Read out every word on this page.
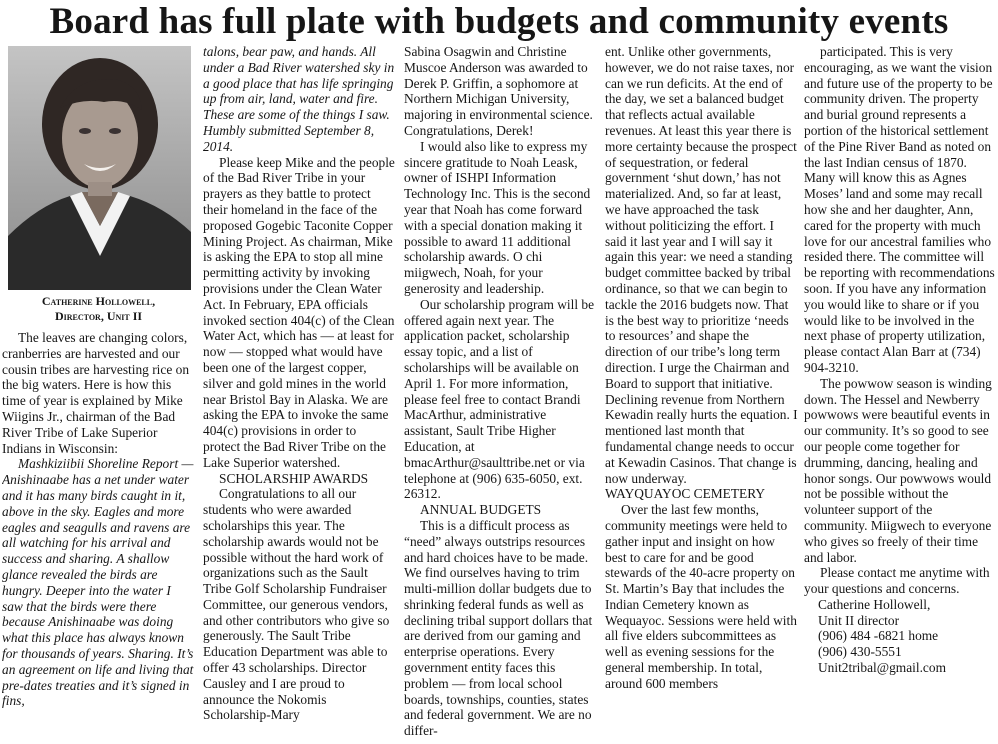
Board has full plate with budgets and community events
Catherine Hollowell,
Director, Unit II

The leaves are changing colors, cranberries are harvested and our cousin tribes are harvesting rice on the big waters. Here is how this time of year is explained by Mike Wiigins Jr., chairman of the Bad River Tribe of Lake Superior Indians in Wisconsin:

Mashkiziibii Shoreline Report — Anishinaabe has a net under water and it has many birds caught in it, above in the sky. Eagles and more eagles and seagulls and ravens are all watching for his arrival and success and sharing. A shallow glance revealed the birds are hungry. Deeper into the water I saw that the birds were there because Anishinaabe was doing what this place has always known for thousands of years. Sharing. It’s an agreement on life and living that pre-dates treaties and it’s signed in fins,

talons, bear paw, and hands. All under a Bad River watershed sky in a good place that has life springing up from air, land, water and fire. These are some of the things I saw. Humbly submitted September 8, 2014.

Please keep Mike and the people of the Bad River Tribe in your prayers as they battle to protect their homeland in the face of the proposed Gogebic Taconite Copper Mining Project. As chairman, Mike is asking the EPA to stop all mine permitting activity by invoking provisions under the Clean Water Act. In February, EPA officials invoked section 404(c) of the Clean Water Act, which has — at least for now — stopped what would have been one of the largest copper, silver and gold mines in the world near Bristol Bay in Alaska. We are asking the EPA to invoke the same 404(c) provisions in order to protect the Bad River Tribe on the Lake Superior watershed.

SCHOLARSHIP AWARDS

Congratulations to all our students who were awarded scholarships this year. The scholarship awards would not be possible without the hard work of organizations such as the Sault Tribe Golf Scholarship Fundraiser Committee, our generous vendors, and other contributors who give so generously. The Sault Tribe Education Department was able to offer 43 scholarships. Director Causley and I are proud to announce the Nokomis Scholarship-Mary

Sabina Osagwin and Christine Muscoe Anderson was awarded to Derek P. Griffin, a sophomore at Northern Michigan University, majoring in environmental science. Congratulations, Derek!

I would also like to express my sincere gratitude to Noah Leask, owner of ISHPI Information Technology Inc. This is the second year that Noah has come forward with a special donation making it possible to award 11 additional scholarship awards. O chi miigwech, Noah, for your generosity and leadership.

Our scholarship program will be offered again next year. The application packet, scholarship essay topic, and a list of scholarships will be available on April 1. For more information, please feel free to contact Brandi MacArthur, administrative assistant, Sault Tribe Higher Education, at bmacArthur@saulttribe.net or via telephone at (906) 635-6050, ext. 26312.

ANNUAL BUDGETS

This is a difficult process as “need” always outstrips resources and hard choices have to be made. We find ourselves having to trim multi-million dollar budgets due to shrinking federal funds as well as declining tribal support dollars that are derived from our gaming and enterprise operations. Every government entity faces this problem — from local school boards, townships, counties, states and federal government. We are no differ-

ent. Unlike other governments, however, we do not raise taxes, nor can we run deficits. At the end of the day, we set a balanced budget that reflects actual available revenues. At least this year there is more certainty because the prospect of sequestration, or federal government ‘shut down,’ has not materialized. And, so far at least, we have approached the task without politicizing the effort. I said it last year and I will say it again this year: we need a standing budget committee backed by tribal ordinance, so that we can begin to tackle the 2016 budgets now. That is the best way to prioritize ‘needs to resources’ and shape the direction of our tribe’s long term direction. I urge the Chairman and Board to support that initiative. Declining revenue from Northern Kewadin really hurts the equation. I mentioned last month that fundamental change needs to occur at Kewadin Casinos. That change is now underway.

WAYQUAYOC CEMETERY

Over the last few months, community meetings were held to gather input and insight on how best to care for and be good stewards of the 40-acre property on St. Martin’s Bay that includes the Indian Cemetery known as Wequayoc. Sessions were held with all five elders subcommittees as well as evening sessions for the general membership. In total, around 600 members

participated. This is very encouraging, as we want the vision and future use of the property to be community driven. The property and burial ground represents a portion of the historical settlement of the Pine River Band as noted on the last Indian census of 1870. Many will know this as Agnes Moses’ land and some may recall how she and her daughter, Ann, cared for the property with much love for our ancestral families who resided there. The committee will be reporting with recommendations soon. If you have any information you would like to share or if you would like to be involved in the next phase of property utilization, please contact Alan Barr at (734) 904-3210.

The powwow season is winding down. The Hessel and Newberry powwows were beautiful events in our community. It’s so good to see our people come together for drumming, dancing, healing and honor songs. Our powwows would not be possible without the volunteer support of the community. Miigwech to everyone who gives so freely of their time and labor.

Please contact me anytime with your questions and concerns.

Catherine Hollowell,

Unit II director

(906) 484 -6821 home

(906) 430-5551

Unit2tribal@gmail.com
